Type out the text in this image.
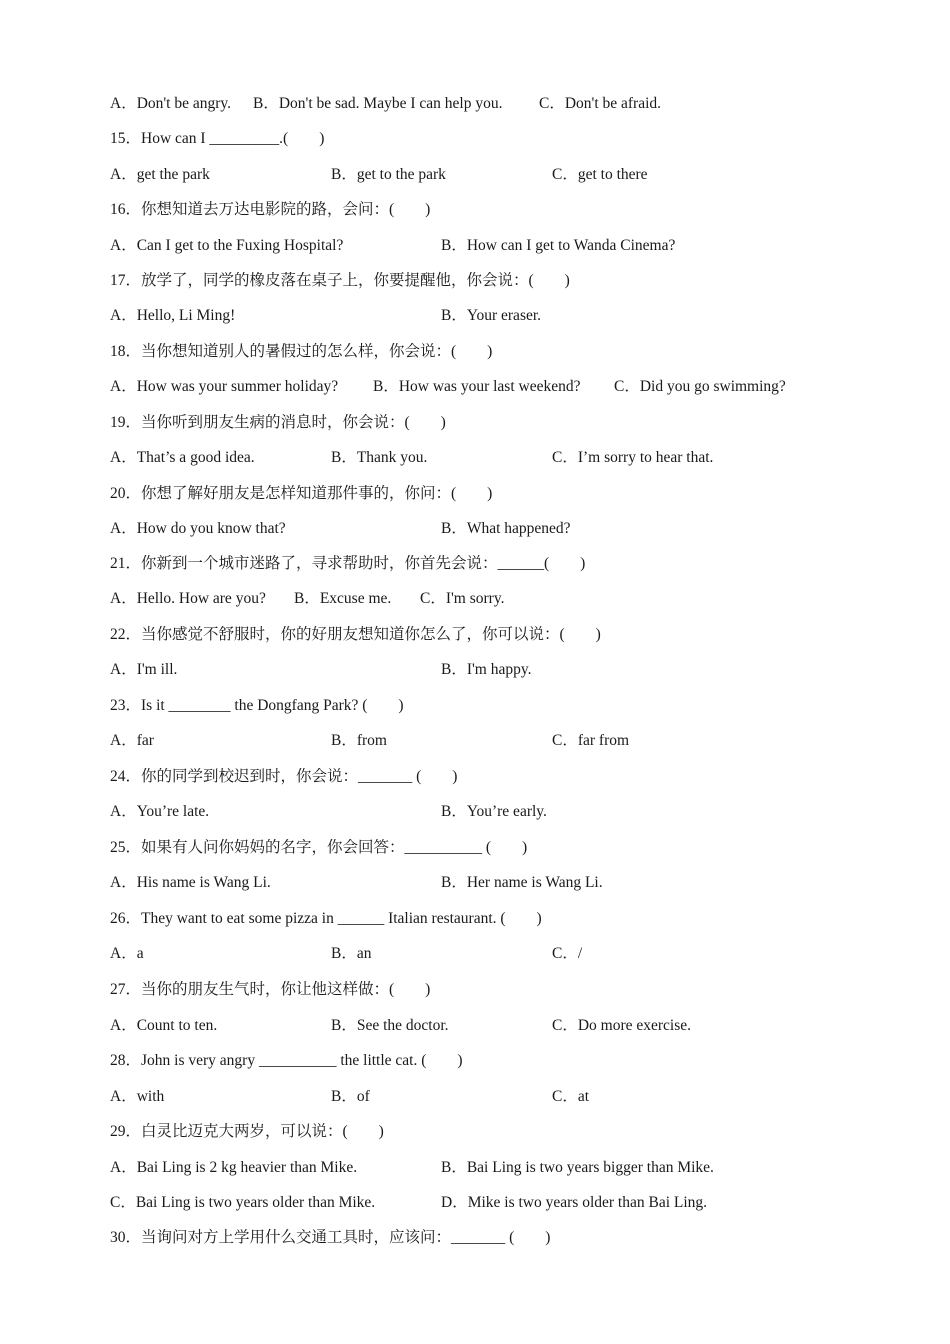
A．Don't be angry. B．Don't be sad. Maybe I can help you. C．Don't be afraid.
15．How can I _________.(　　)
A．get the park	B．get to the park	C．get to there
16．你想知道去万达电影院的路，会问：(　　)
A．Can I get to the Fuxing Hospital?	B．How can I get to Wanda Cinema?
17．放学了，同学的橡皮落在桌子上，你要提醒他，你会说：(　　)
A．Hello, Li Ming!	B．Your eraser.
18．当你想知道别人的暑假过的怎么样，你会说：(　　)
A．How was your summer holiday? B．How was your last weekend? C．Did you go swimming?
19．当你听到朋友生病的消息时，你会说：(　　)
A．That’s a good idea.	B．Thank you.	C．I’m sorry to hear that.
20．你想了解好朋友是怎样知道那件事的，你问：(　　)
A．How do you know that?	B．What happened?
21．你新到一个城市迷路了，寻求帮助时，你首先会说：______(　　)
A．Hello. How are you? B．Excuse me. C．I'm sorry.
22．当你感觉不舒服时，你的好朋友想知道你怎么了，你可以说：(　　)
A．I'm ill.	B．I'm happy.
23．Is it ________ the Dongfang Park? (　　)
A．far	B．from	C．far from
24．你的同学到校迟到时，你会说：_______ (　　)
A．You’re late.	B．You’re early.
25．如果有人问你妈妈的名字，你会回答：__________ (　　)
A．His name is Wang Li.	B．Her name is Wang Li.
26．They want to eat some pizza in ______ Italian restaurant. (　　)
A．a	B．an	C．/
27．当你的朋友生气时，你让他这样做：(　　)
A．Count to ten.	B．See the doctor.	C．Do more exercise.
28．John is very angry __________ the little cat. (　　)
A．with	B．of	C．at
29．白灵比迈克大两岁，可以说：(　　)
A．Bai Ling is 2 kg heavier than Mike.	B．Bai Ling is two years bigger than Mike.
C．Bai Ling is two years older than Mike.	D．Mike is two years older than Bai Ling.
30．当询问对方上学用什么交通工具时，应该问：_______ (　　)
